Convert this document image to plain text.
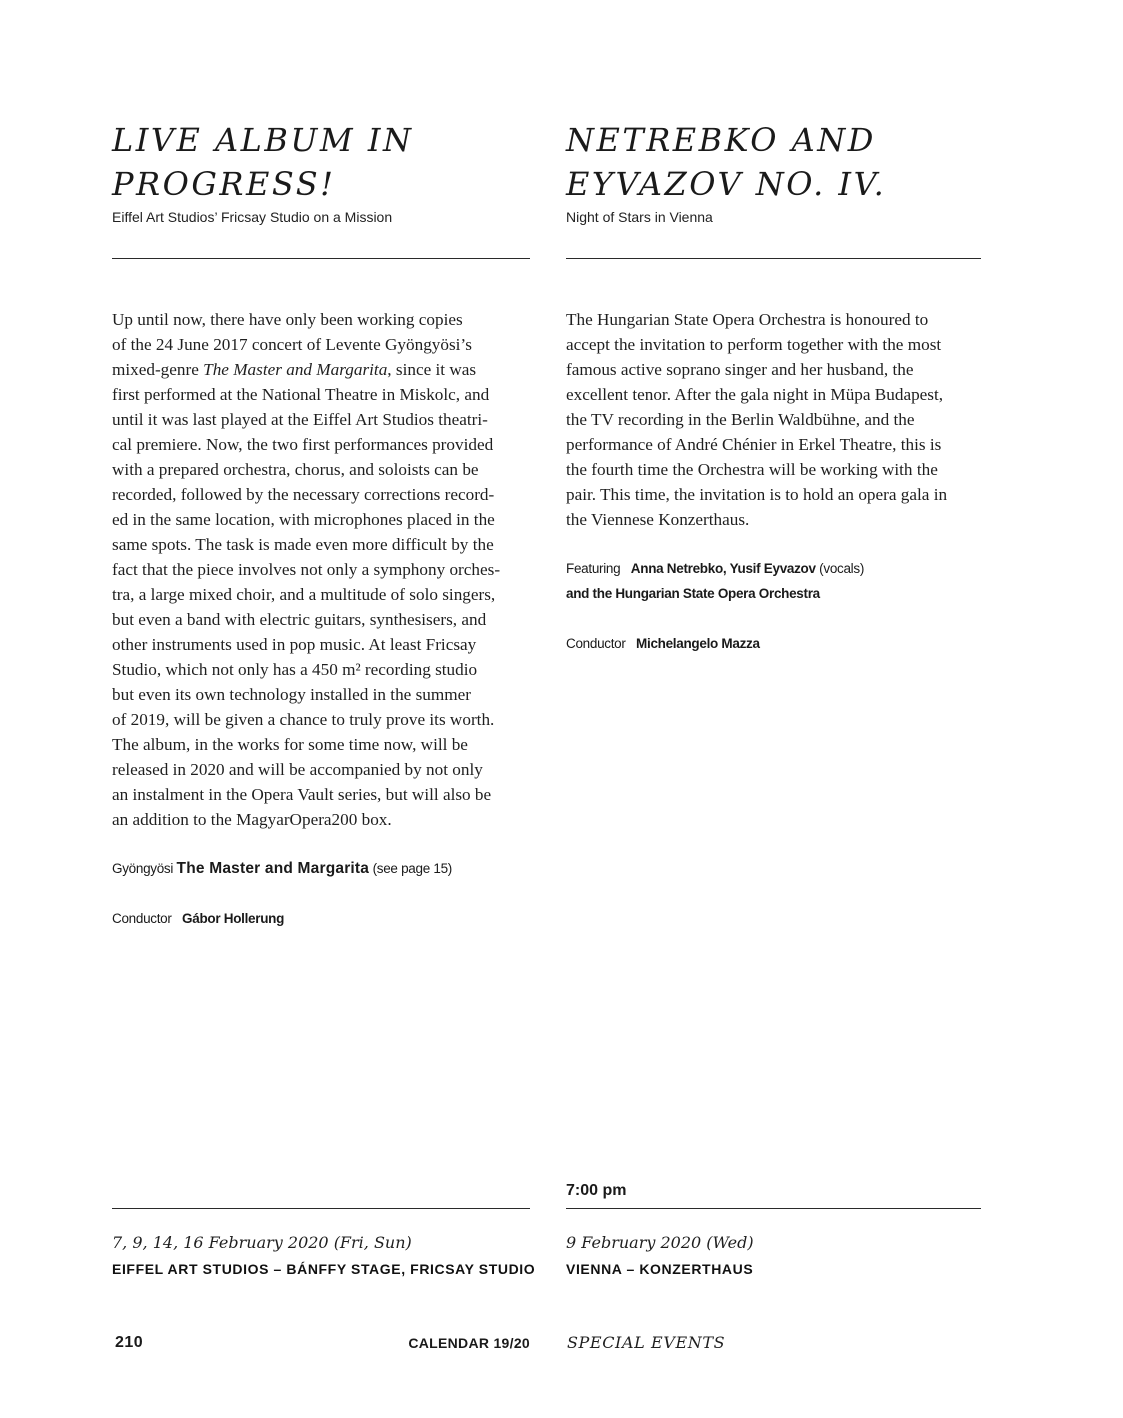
LIVE ALBUM IN
PROGRESS!

Eiffel Art Studios’ Fricsay Studio on a Mission

Up until now, there have only been working copies
of the 24 June 2017 concert of Levente Gyöngyösi’s
mixed-genre The Master and Margarita, since it was
first performed at the National Theatre in Miskolc, and
until it was last played at the Eiffel Art Studios theatri-
cal premiere. Now, the two first performances provided
with a prepared orchestra, chorus, and soloists can be
recorded, followed by the necessary corrections record-
ed in the same location, with microphones placed in the
same spots. The task is made even more difficult by the
fact that the piece involves not only a symphony orches-
tra, a large mixed choir, and a multitude of solo singers,
but even a band with electric guitars, synthesisers, and
other instruments used in pop music. At least Fricsay
Studio, which not only has a 450 m² recording studio
but even its own technology installed in the summer
of 2019, will be given a chance to truly prove its worth.
The album, in the works for some time now, will be
released in 2020 and will be accompanied by not only
an instalment in the Opera Vault series, but will also be
an addition to the MagyarOpera200 box.

Gyöngyösi The Master and Margarita (see page 15)

Conductor Gábor Hollerung

7, 9, 14, 16 February 2020 (Fri, Sun)

EIFFEL ART STUDIOS – BÁNFFY STAGE, FRICSAY STUDIO

NETREBKO AND
EYVAZOV NO. IV.

Night of Stars in Vienna

The Hungarian State Opera Orchestra is honoured to
accept the invitation to perform together with the most
famous active soprano singer and her husband, the
excellent tenor. After the gala night in Müpa Budapest,
the TV recording in the Berlin Waldbühne, and the
performance of André Chénier in Erkel Theatre, this is
the fourth time the Orchestra will be working with the
pair. This time, the invitation is to hold an opera gala in
the Viennese Konzerthaus.

Featuring Anna Netrebko, Yusif Eyvazov (vocals)
and the Hungarian State Opera Orchestra

Conductor Michelangelo Mazza

7:00 pm

9 February 2020 (Wed)

VIENNA – KONZERTHAUS

210	CALENDAR 19/20 SPECIAL EVENTS
